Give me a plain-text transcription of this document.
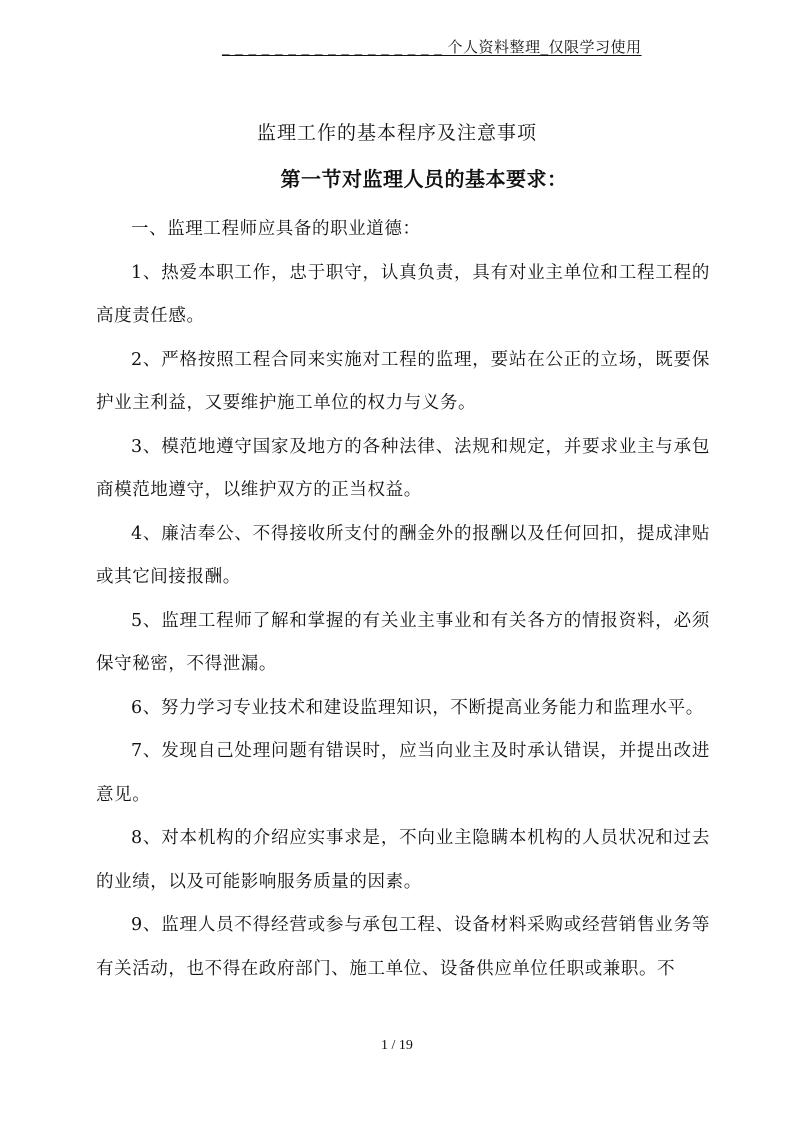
_ _ _ _ _ _ _ _ _ _ _ _ _ _ _ _ _ 个人资料整理_仅限学习使用
监理工作的基本程序及注意事项
第一节对监理人员的基本要求：

一、监理工程师应具备的职业道德：

1、热爱本职工作，忠于职守，认真负责，具有对业主单位和工程工程的高度责任感。

2、严格按照工程合同来实施对工程的监理，要站在公正的立场，既要保护业主利益，又要维护施工单位的权力与义务。

3、模范地遵守国家及地方的各种法律、法规和规定，并要求业主与承包商模范地遵守，以维护双方的正当权益。

4、廉洁奉公、不得接收所支付的酬金外的报酬以及任何回扣，提成津贴或其它间接报酬。

5、监理工程师了解和掌握的有关业主事业和有关各方的情报资料，必须保守秘密，不得泄漏。

6、努力学习专业技术和建设监理知识，不断提高业务能力和监理水平。

7、发现自己处理问题有错误时，应当向业主及时承认错误，并提出改进意见。

8、对本机构的介绍应实事求是，不向业主隐瞒本机构的人员状况和过去的业绩，以及可能影响服务质量的因素。

9、监理人员不得经营或参与承包工程、设备材料采购或经营销售业务等有关活动，也不得在政府部门、施工单位、设备供应单位任职或兼职。不

1 / 19
